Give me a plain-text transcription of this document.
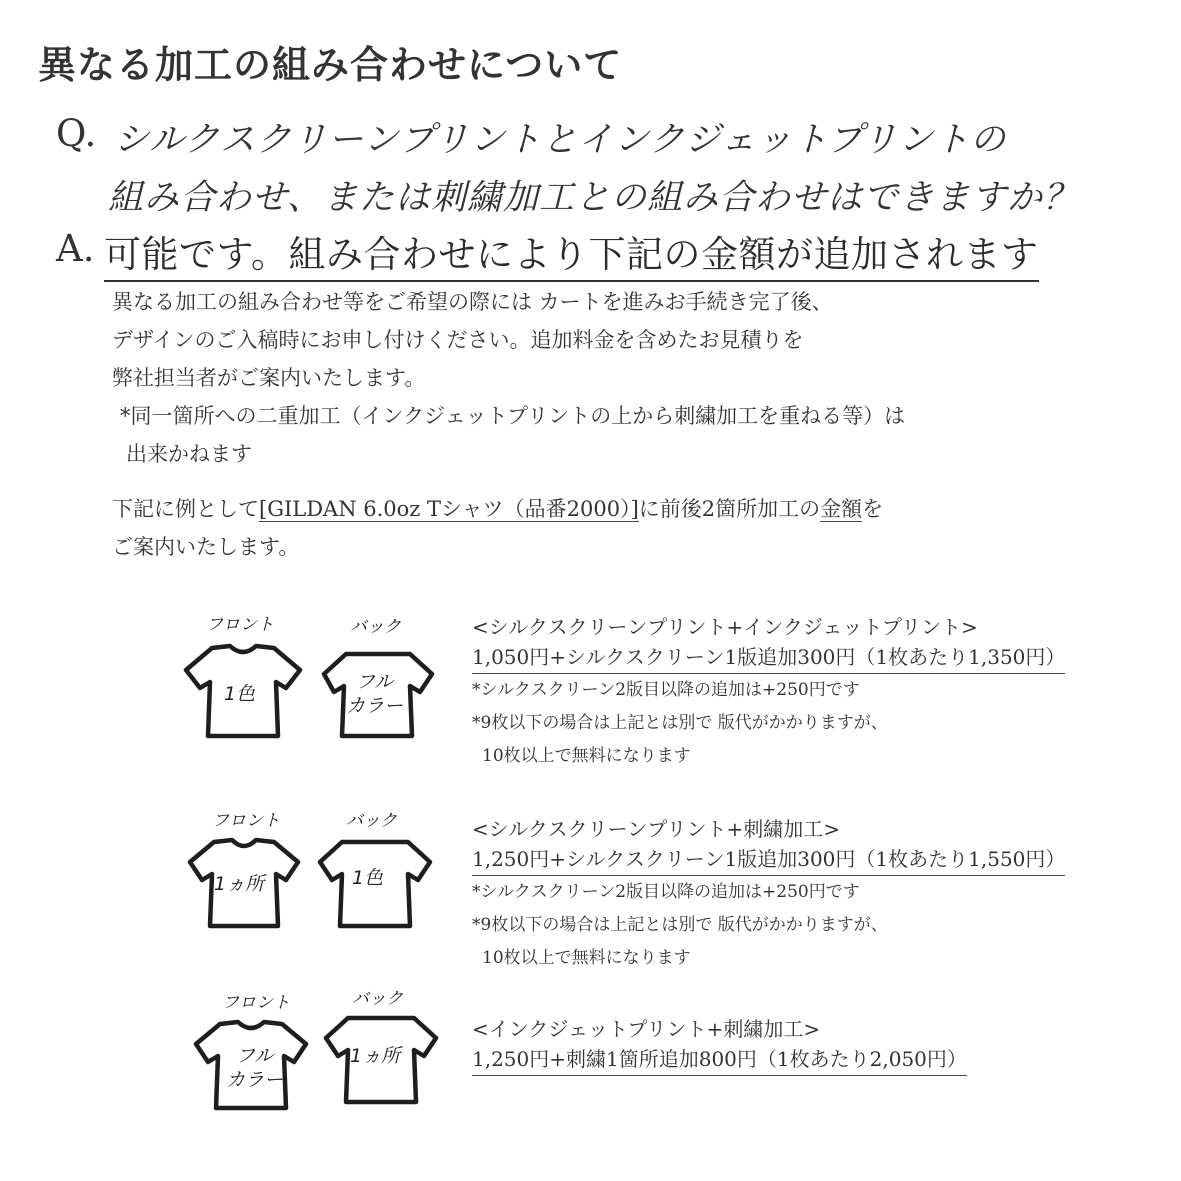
異なる加工の組み合わせについて
Q. シルクスクリーンプリントとインクジェットプリントの
組み合わせ、または刺繍加工との組み合わせはできますか？
A. 可能です。組み合わせにより下記の金額が追加されます
異なる加工の組み合わせ等をご希望の際には カートを進みお手続き完了後、
デザインのご入稿時にお申し付けください。追加料金を含めたお見積りを
弊社担当者がご案内いたします。
*同一箇所への二重加工（インクジェットプリントの上から刺繍加工を重ねる等）は
出来かねます
下記に例として[GILDAN 6.0oz Tシャツ（品番2000）]に前後2箇所加工の金額を
ご案内いたします。
フロント	バック
1色
フル
カラー
フロント	バック
1ヵ所	1色
フロント	バック
フル
カラー
1ヵ所
<シルクスクリーンプリント+インクジェットプリント>
1,050円+シルクスクリーン1版追加300円（1枚あたり1,350円）
*シルクスクリーン2版目以降の追加は+250円です
*9枚以下の場合は上記とは別で 版代がかかりますが、
10枚以上で無料になります
<シルクスクリーンプリント+刺繍加工>
1,250円+シルクスクリーン1版追加300円（1枚あたり1,550円）
*シルクスクリーン2版目以降の追加は+250円です
*9枚以下の場合は上記とは別で 版代がかかりますが、
10枚以上で無料になります
<インクジェットプリント+刺繍加工>
1,250円+刺繍1箇所追加800円（1枚あたり2,050円）
